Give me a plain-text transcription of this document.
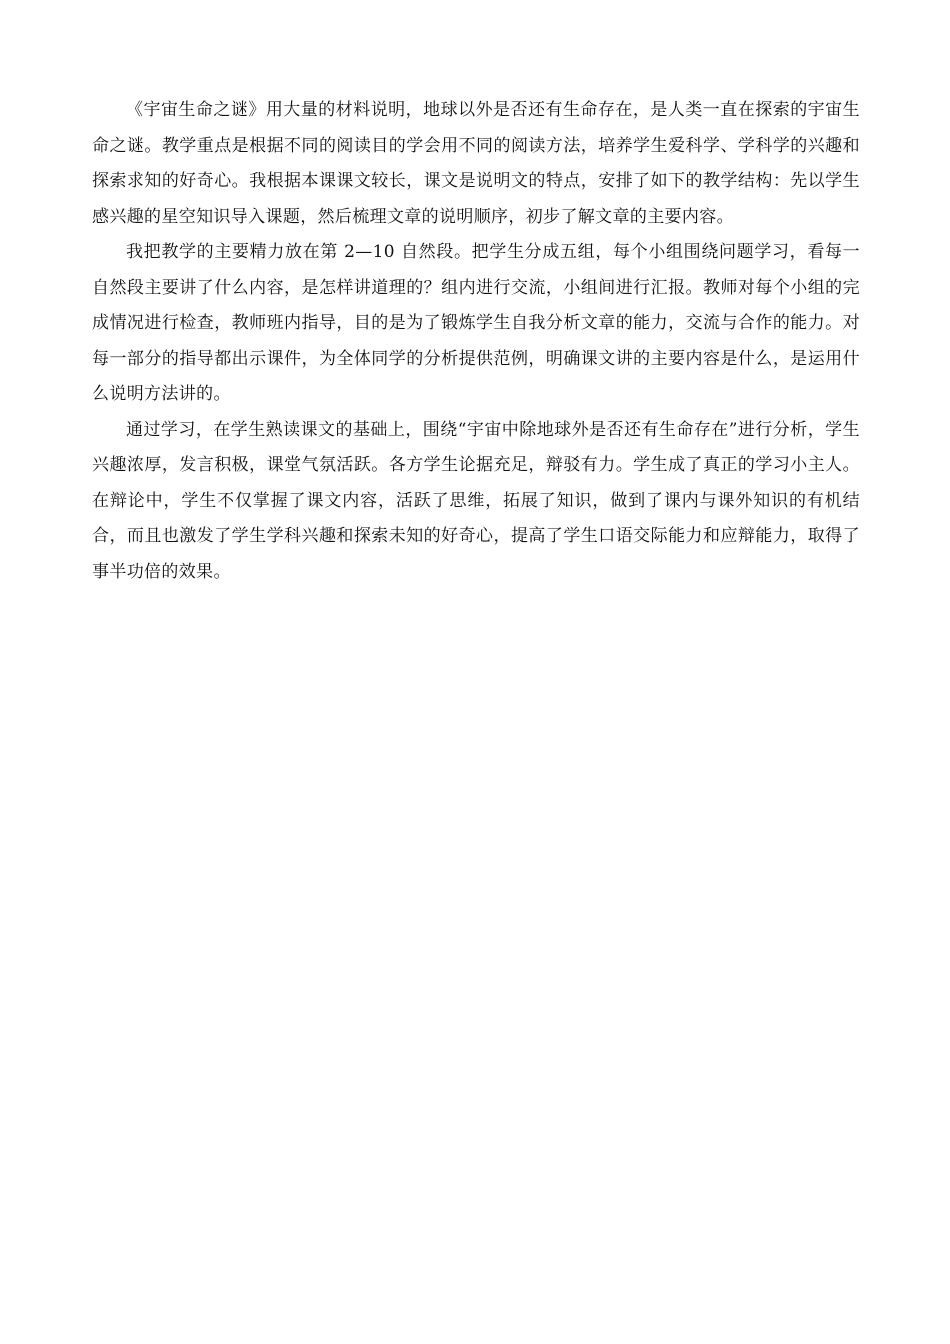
《宇宙生命之谜》用大量的材料说明，地球以外是否还有生命存在，是人类一直在探索的宇宙生命之谜。教学重点是根据不同的阅读目的学会用不同的阅读方法，培养学生爱科学、学科学的兴趣和探索求知的好奇心。我根据本课课文较长，课文是说明文的特点，安排了如下的教学结构：先以学生感兴趣的星空知识导入课题，然后梳理文章的说明顺序，初步了解文章的主要内容。

我把教学的主要精力放在第 2—10 自然段。把学生分成五组，每个小组围绕问题学习，看每一自然段主要讲了什么内容，是怎样讲道理的？组内进行交流，小组间进行汇报。教师对每个小组的完成情况进行检查，教师班内指导，目的是为了锻炼学生自我分析文章的能力，交流与合作的能力。对每一部分的指导都出示课件，为全体同学的分析提供范例，明确课文讲的主要内容是什么，是运用什么说明方法讲的。

通过学习，在学生熟读课文的基础上，围绕“宇宙中除地球外是否还有生命存在”进行分析，学生兴趣浓厚，发言积极，课堂气氛活跃。各方学生论据充足，辩驳有力。学生成了真正的学习小主人。在辩论中，学生不仅掌握了课文内容，活跃了思维，拓展了知识，做到了课内与课外知识的有机结合，而且也激发了学生学科兴趣和探索未知的好奇心，提高了学生口语交际能力和应辩能力，取得了事半功倍的效果。
